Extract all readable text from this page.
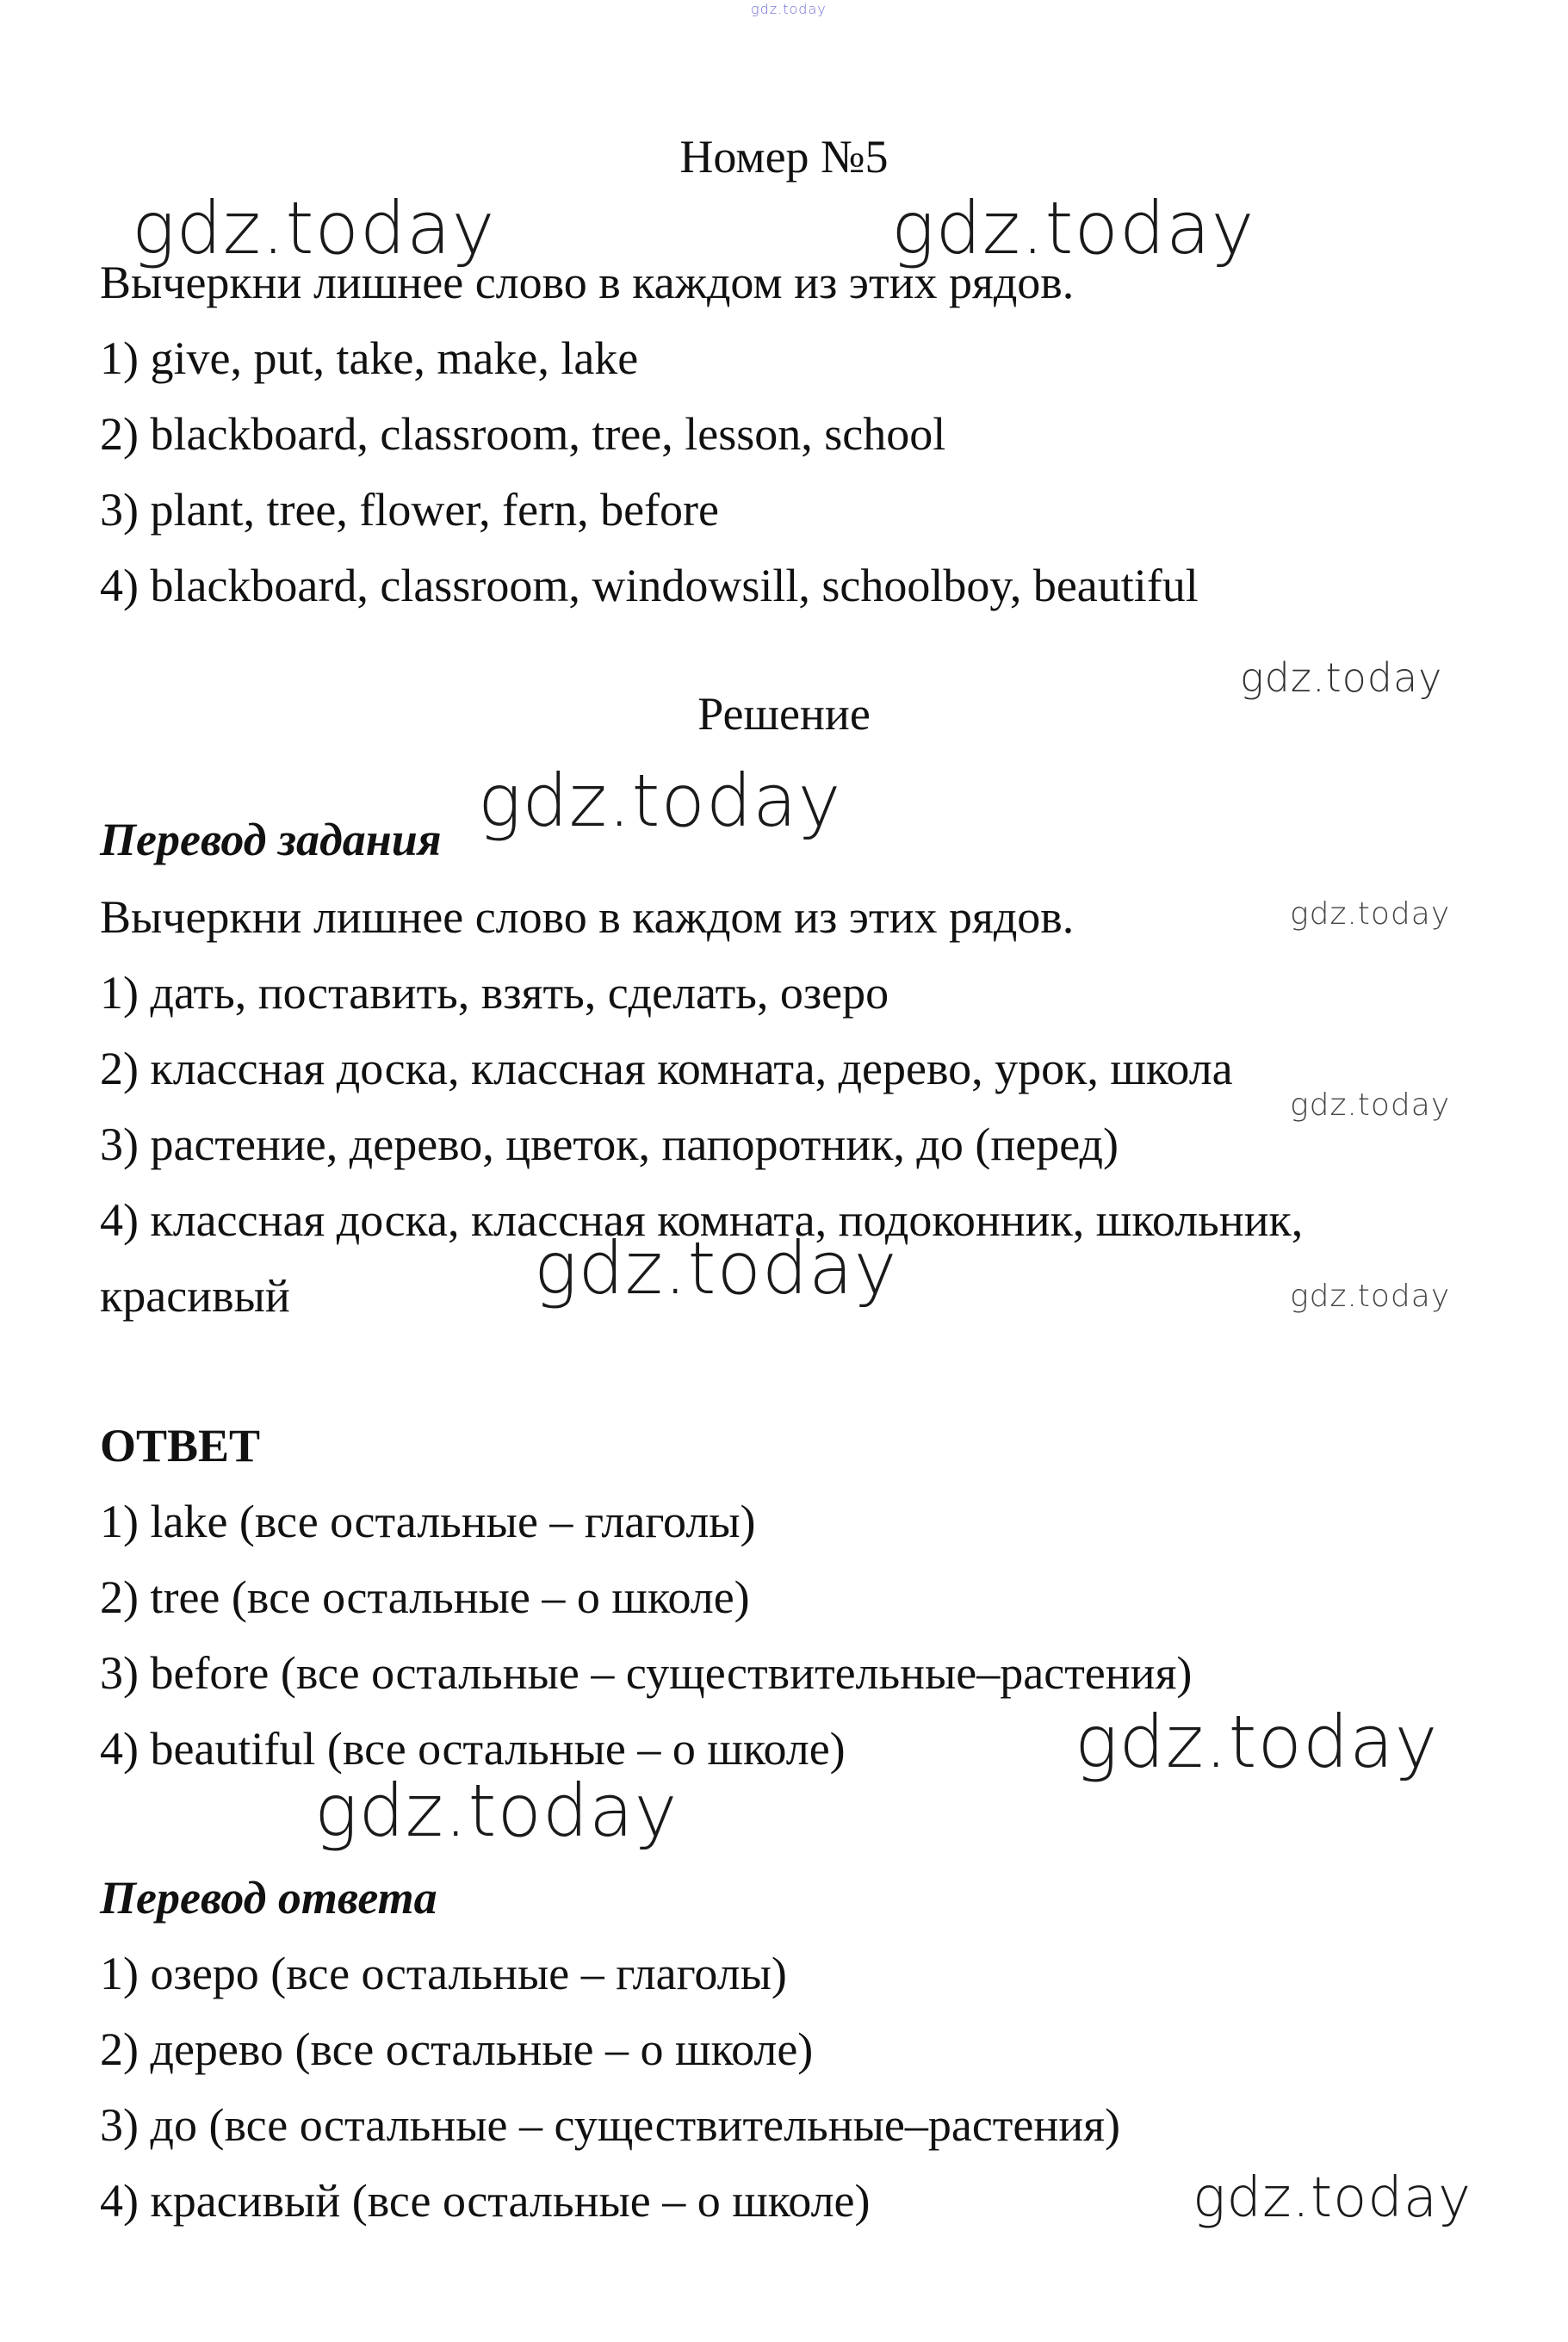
gdz.today
Номер №5
Вычеркни лишнее слово в каждом из этих рядов.
1) give, put, take, make, lake
2) blackboard, classroom, tree, lesson, school
3) plant, tree, flower, fern, before
4) blackboard, classroom, windowsill, schoolboy, beautiful
Решение
Перевод задания
Вычеркни лишнее слово в каждом из этих рядов.
1) дать, поставить, взять, сделать, озеро
2) классная доска, классная комната, дерево, урок, школа
3) растение, дерево, цветок, папоротник, до (перед)
4) классная доска, классная комната, подоконник, школьник,
красивый
ОТВЕТ
1) lake (все остальные – глаголы)
2) tree (все остальные – о школе)
3) before (все остальные – существительные–растения)
4) beautiful (все остальные – о школе)
Перевод ответа
1) озеро (все остальные – глаголы)
2) дерево (все остальные – о школе)
3) до (все остальные – существительные–растения)
4) красивый (все остальные – о школе)
gdz.today	gdz.today
gdz.today
gdz.today
gdz.today
gdz.today
gdz.today	gdz.today
gdz.today
gdz.today
gdz.today
